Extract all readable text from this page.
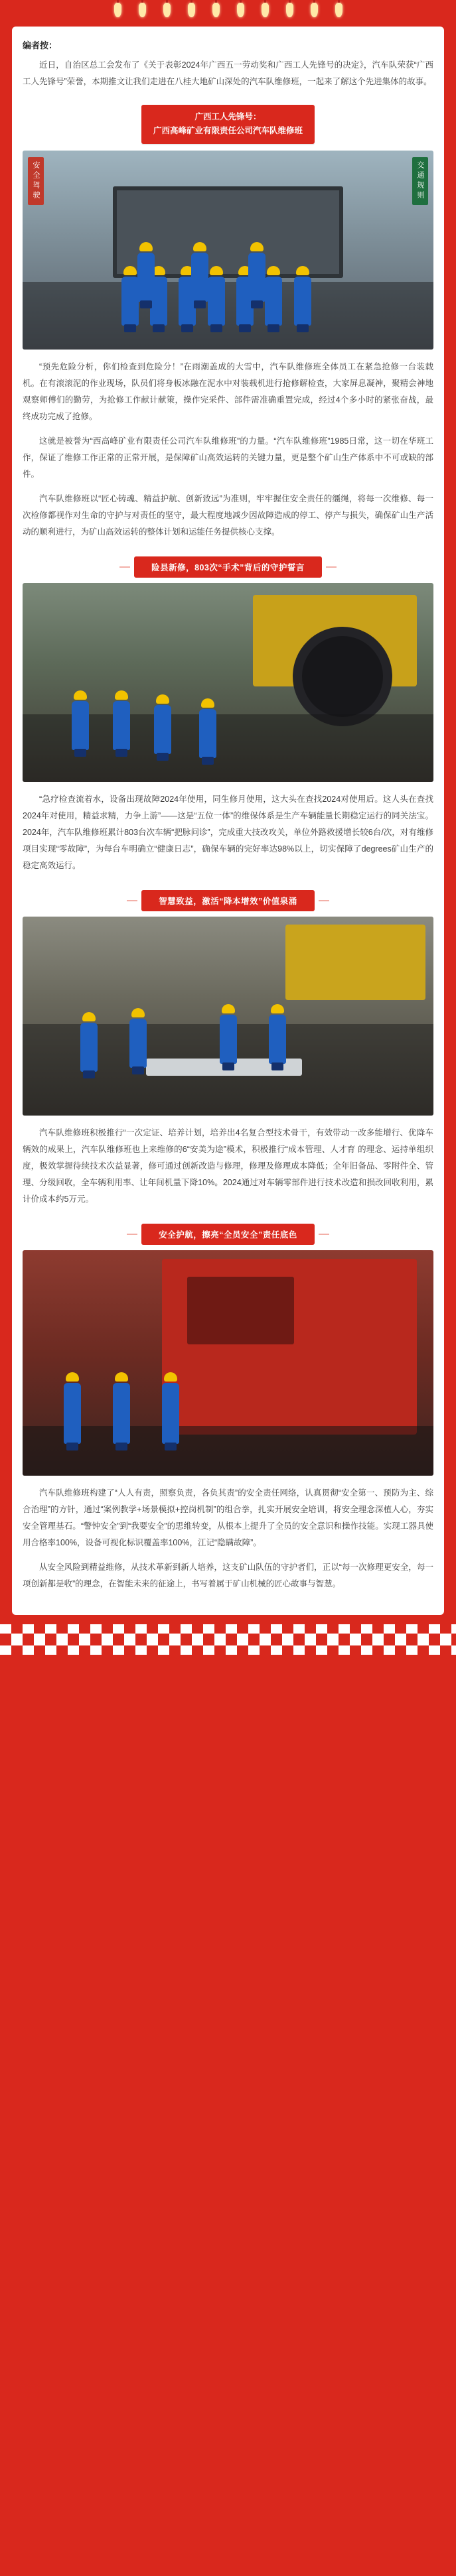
编者按：

近日，自治区总工会发布了《关于表彰2024年广西五一劳动奖和广西工人先锋号的决定》，汽车队荣获“广西工人先锋号”荣誉，本期推文让我们走进在八桂大地矿山深处的汽车队维修班，一起来了解这个先进集体的故事。

广西工人先锋号：
广西高峰矿业有限责任公司汽车队维修班
安全驾驶	交通规则

“预先危险分析，你们检查到危险分！”在雨潮盖成的大雪中，汽车队维修班全体员工在紧急抢修一台装载机。在有滚滚泥的作业现场，队员们将身板冰融在泥水中对装载机进行抢修解检查，大家屏息凝神，聚精会神地观察师傅们的勤劳，为抢修工作献计献策，操作完采件、部件需准确重置完成，经过4个多小时的紧张奋战，最终成功完成了抢修。

这就是被誉为“西高峰矿业有限责任公司汽车队维修班”的力量。“汽车队维修班”1985日常，这一切在华班工作，保证了维修工作正常的正常开展，是保障矿山高效运转的关键力量，更是整个矿山生产体系中不可或缺的部件。

汽车队维修班以“匠心铸魂、精益护航、创新致远”为准则，牢牢握住安全责任的缰绳，将每一次维修、每一次检修都视作对生命的守护与对责任的坚守，最大程度地减少因故障造成的停工、停产与损失，确保矿山生产活动的顺利进行，为矿山高效运转的整体计划和运能任务提供核心支撑。

险县新修，803次“手术”背后的守护誓言

“急疗检查流着水，设备出现故障2024年使用，同生修月使用，这大头在查找2024对使用后。这人头在查找2024年对使用，精益求精，力争上游”——这是“五位一体”的维保体系是生产车辆能量长期稳定运行的同关法宝。2024年，汽车队维修班累计803台次车辆“把脉问诊”，完成重大技改攻关，单位外路救援增长较6台/次，对有维修项目实现“零故障”，为每台车明确立“健康日志”，确保车辆的完好率达98%以上，切实保障了degrees矿山生产的稳定高效运行。

智慧致益，激活“降本增效”价值泉涌

汽车队维修班积极推行“一次定证、培养计划，培养出4名复合型技术骨干，有效带动一改多能增行、优降车辆效的成果上，汽车队维修班也上来维修的6“安美为途”模术，积极推行“成本管理、人才育 的理念、运持单组织度，极效掌握待续技术次益显著，修可通过创新改造与修理，修理及修理成本降低；全年旧备品、零附件全、管理、分级回收，全车辆利用率、让年间机量下降10%。2024通过对车辆零部件进行技术改造和损改回收利用，累计价成本约5万元。

安全护航，擦亮“全员安全”责任底色

汽车队维修班构建了“人人有责，照察负责，各负其责”的安全责任网络，认真贯彻“安全第一、预防为主、综合治理”的方针，通过“案例教学+场景模拟+控岗机制”的组合拳，扎实开展安全培训，将安全理念深植人心，夯实安全管理基石。“警钟安全”到“我要安全”的思维转变，从根本上提升了全员的安全意识和操作技能。实现工器具使用合格率100%，设备可视化标识覆盖率100%，江记“隐瞒故障”。

从安全风险到精益维修，从技术革新到新人培养，这支矿山队伍的守护者们，正以“每一次修理更安全，每一项创新都是收”的理念，在智能未来的征途上，书写着属于矿山机械的匠心故事与智慧。
